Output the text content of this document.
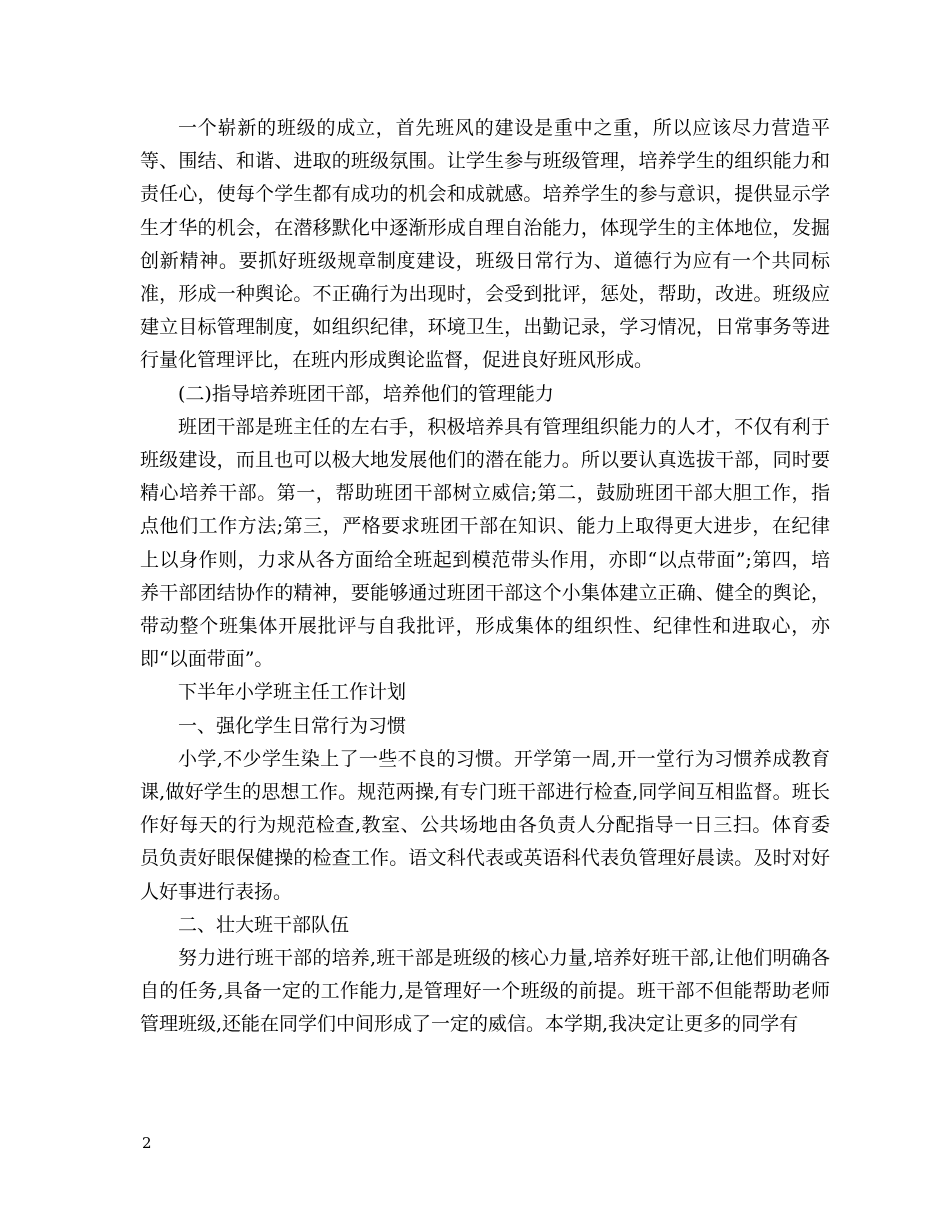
一个崭新的班级的成立，首先班风的建设是重中之重，所以应该尽力营造平等、围结、和谐、进取的班级氛围。让学生参与班级管理，培养学生的组织能力和责任心，使每个学生都有成功的机会和成就感。培养学生的参与意识，提供显示学生才华的机会，在潜移默化中逐渐形成自理自治能力，体现学生的主体地位，发掘创新精神。要抓好班级规章制度建设，班级日常行为、道德行为应有一个共同标准，形成一种舆论。不正确行为出现时，会受到批评，惩处，帮助，改进。班级应建立目标管理制度，如组织纪律，环境卫生，出勤记录，学习情况，日常事务等进行量化管理评比，在班内形成舆论监督，促进良好班风形成。

(二)指导培养班团干部，培养他们的管理能力

班团干部是班主任的左右手，积极培养具有管理组织能力的人才，不仅有利于班级建设，而且也可以极大地发展他们的潜在能力。所以要认真选拔干部，同时要精心培养干部。第一，帮助班团干部树立威信;第二，鼓励班团干部大胆工作，指点他们工作方法;第三，严格要求班团干部在知识、能力上取得更大进步，在纪律上以身作则，力求从各方面给全班起到模范带头作用，亦即“以点带面”;第四，培养干部团结协作的精神，要能够通过班团干部这个小集体建立正确、健全的舆论，带动整个班集体开展批评与自我批评，形成集体的组织性、纪律性和进取心，亦即“以面带面”。

下半年小学班主任工作计划

一、强化学生日常行为习惯

小学,不少学生染上了一些不良的习惯。开学第一周,开一堂行为习惯养成教育课,做好学生的思想工作。规范两操,有专门班干部进行检查,同学间互相监督。班长作好每天的行为规范检查,教室、公共场地由各负责人分配指导一日三扫。体育委员负责好眼保健操的检查工作。语文科代表或英语科代表负管理好晨读。及时对好人好事进行表扬。

二、壮大班干部队伍

努力进行班干部的培养,班干部是班级的核心力量,培养好班干部,让他们明确各自的任务,具备一定的工作能力,是管理好一个班级的前提。班干部不但能帮助老师管理班级,还能在同学们中间形成了一定的威信。本学期,我决定让更多的同学有

2
